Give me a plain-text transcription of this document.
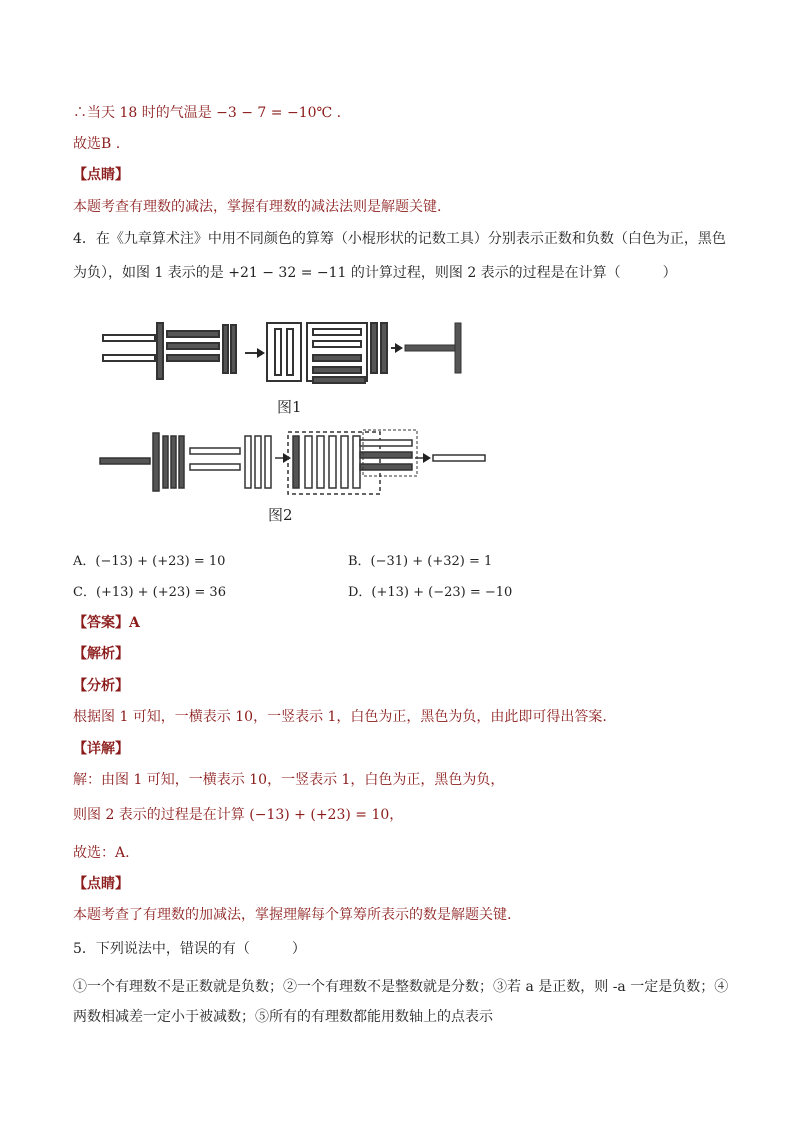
∴当天 18 时的气温是 −3 − 7 = −10℃ .
故选B .
【点睛】
本题考查有理数的减法，掌握有理数的减法法则是解题关键.
4．在《九章算术注》中用不同颜色的算筹（小棍形状的记数工具）分别表示正数和负数（白色为正，黑色
为负），如图 1 表示的是 +21 − 32 = −11 的计算过程，则图 2 表示的过程是在计算（　　　）
图1
图2
A．(−13) + (+23) = 10	B．(−31) + (+32) = 1
C．(+13) + (+23) = 36	D．(+13) + (−23) = −10
【答案】A
【解析】
【分析】
根据图 1 可知，一横表示 10，一竖表示 1，白色为正，黑色为负，由此即可得出答案.
【详解】
解：由图 1 可知，一横表示 10，一竖表示 1，白色为正，黑色为负，
则图 2 表示的过程是在计算 (−13) + (+23) = 10，
故选：A.
【点睛】
本题考查了有理数的加减法，掌握理解每个算筹所表示的数是解题关键.
5．下列说法中，错误的有（　　　）
①一个有理数不是正数就是负数；②一个有理数不是整数就是分数；③若 a 是正数，则 -a 一定是负数；④
两数相减差一定小于被减数；⑤所有的有理数都能用数轴上的点表示
